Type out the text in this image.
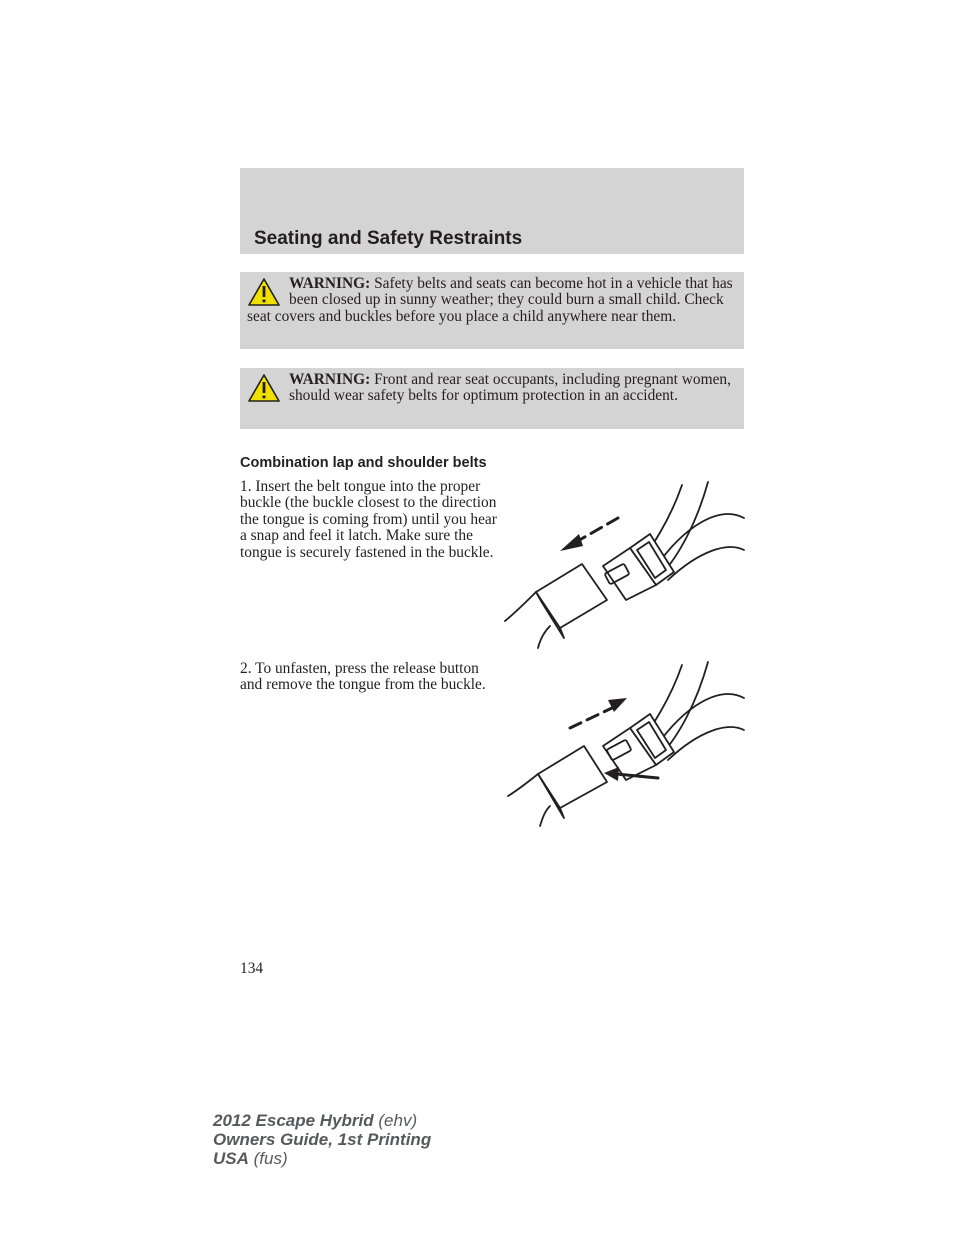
Seating and Safety Restraints
WARNING: Safety belts and seats can become hot in a vehicle that has been closed up in sunny weather; they could burn a small child. Check seat covers and buckles before you place a child anywhere near them.
WARNING: Front and rear seat occupants, including pregnant women, should wear safety belts for optimum protection in an accident.
Combination lap and shoulder belts

1. Insert the belt tongue into the proper buckle (the buckle closest to the direction the tongue is coming from) until you hear a snap and feel it latch. Make sure the tongue is securely fastened in the buckle.

2. To unfasten, press the release button and remove the tongue from the buckle.

134
2012 Escape Hybrid (ehv)
Owners Guide, 1st Printing
USA (fus)
